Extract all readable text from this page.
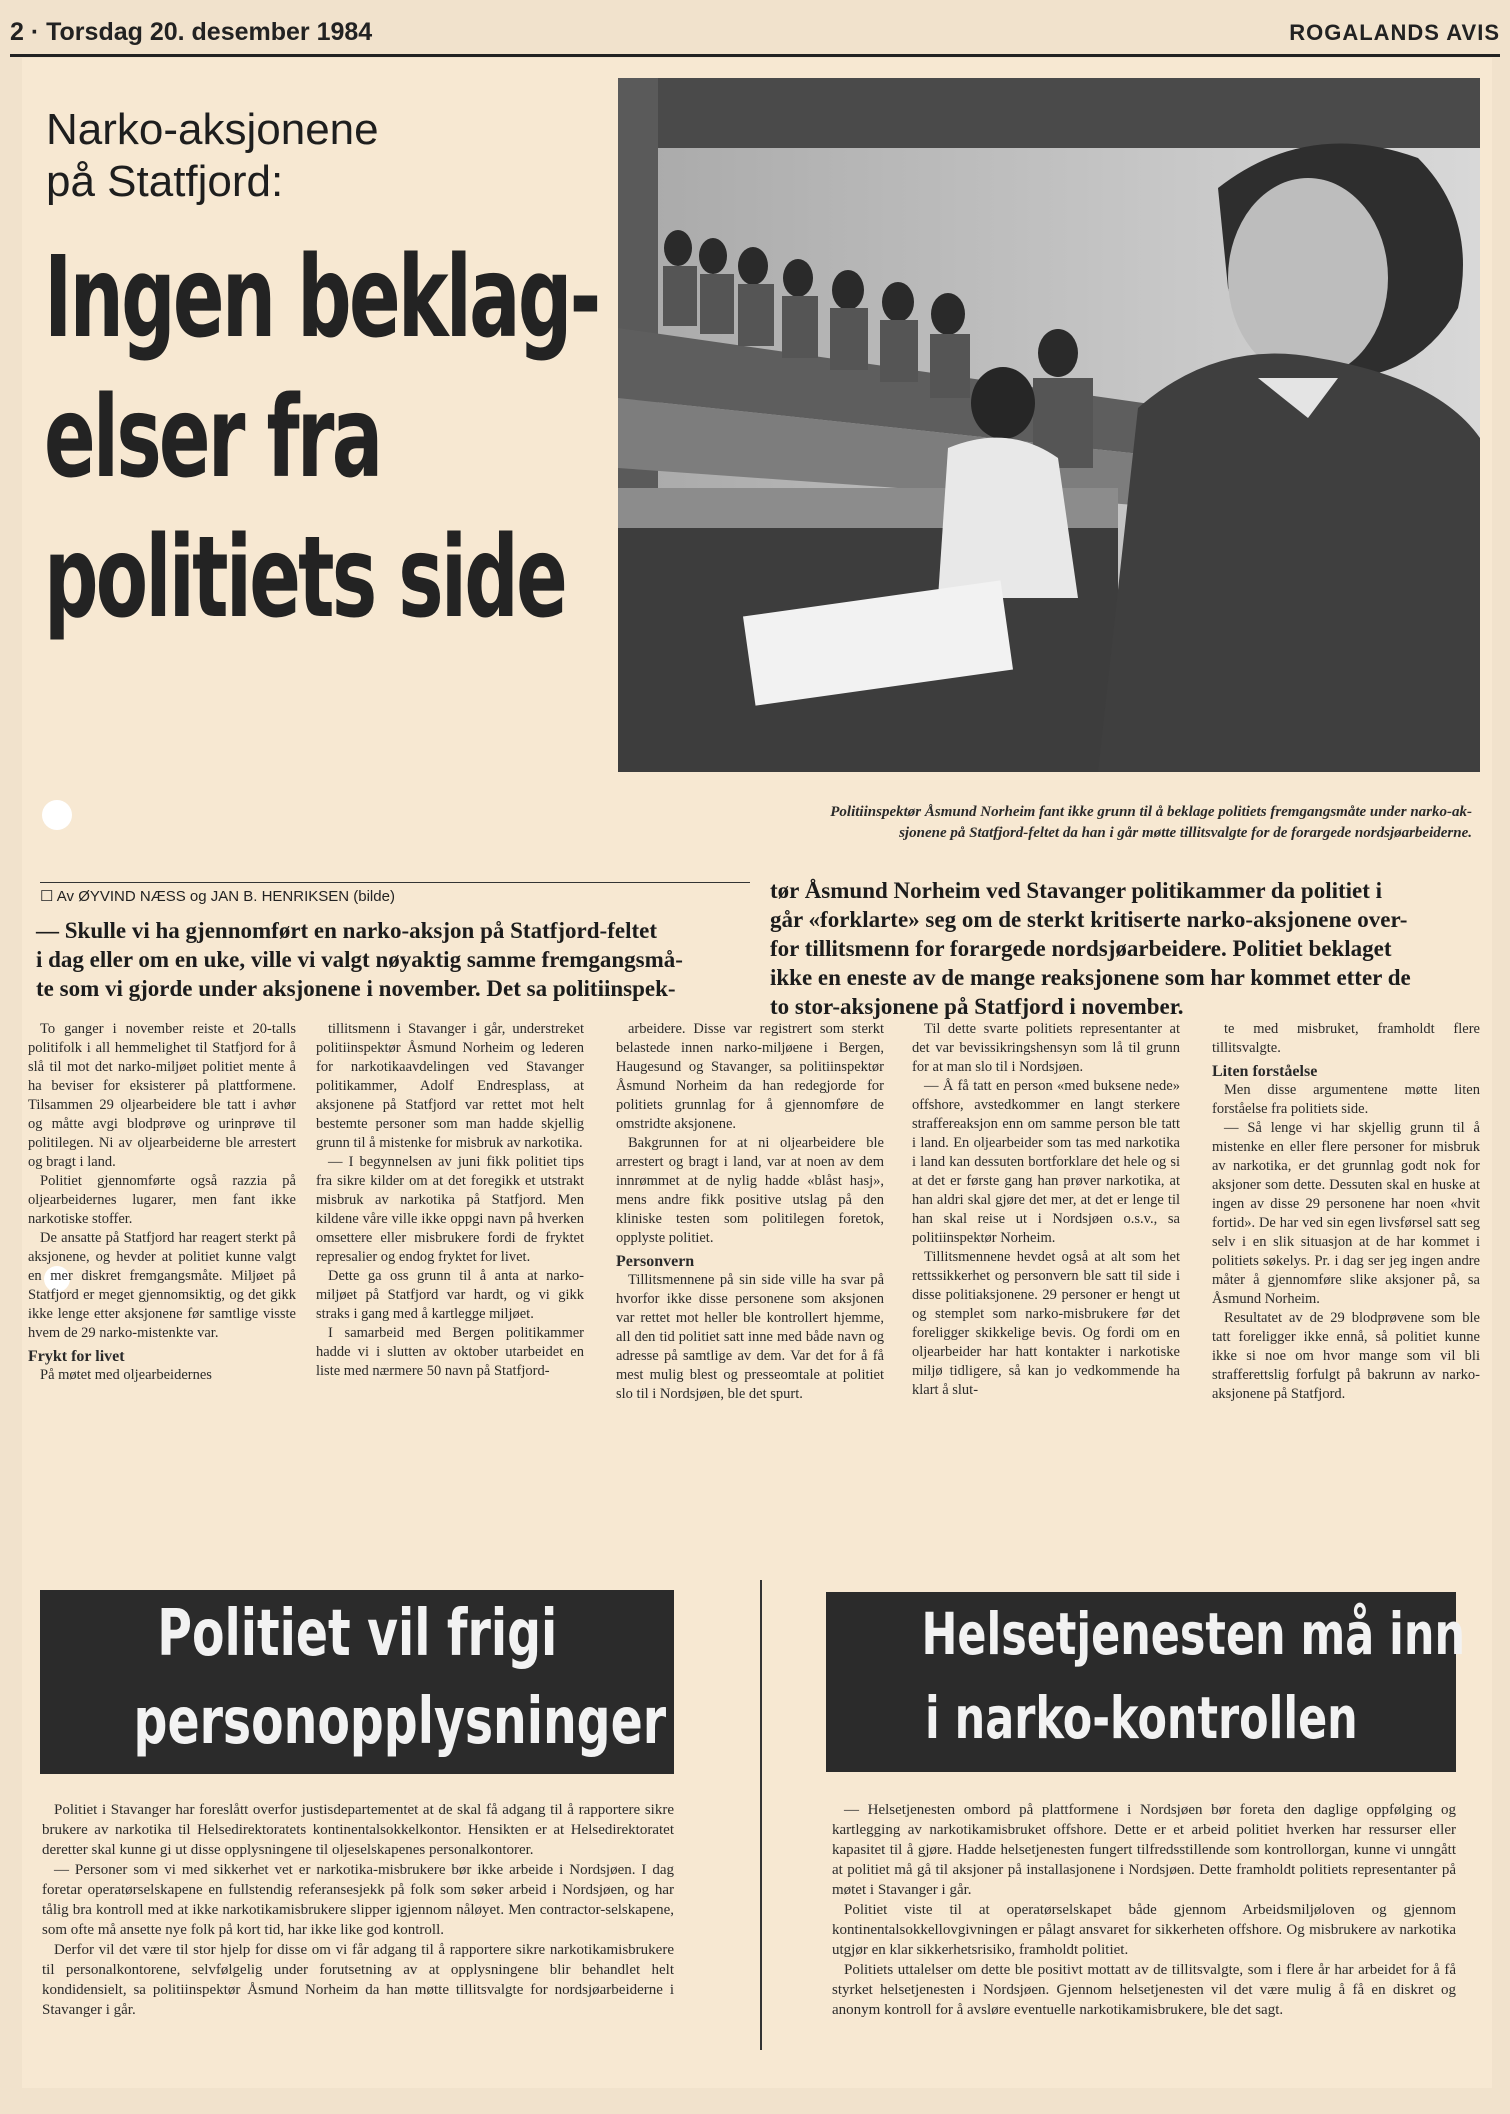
2 · Torsdag 20. desember 1984	ROGALANDS AVIS
Narko-aksjonene
på Statfjord:
Ingen beklag-
elser fra
politiets side
Politiinspektør Åsmund Norheim fant ikke grunn til å beklage politiets fremgangsmåte under narko-ak-
sjonene på Statfjord-feltet da han i går møtte tillitsvalgte for de forargede nordsjøarbeiderne.
☐ Av ØYVIND NÆSS og JAN B. HENRIKSEN (bilde)
— Skulle vi ha gjennomført en narko-aksjon på Statfjord-feltet
i dag eller om en uke, ville vi valgt nøyaktig samme fremgangsmå-
te som vi gjorde under aksjonene i november. Det sa politiinspek-
tør Åsmund Norheim ved Stavanger politikammer da politiet i
går «forklarte» seg om de sterkt kritiserte narko-aksjonene over-
for tillitsmenn for forargede nordsjøarbeidere. Politiet beklaget
ikke en eneste av de mange reaksjonene som har kommet etter de
to stor-aksjonene på Statfjord i november.

To ganger i november reiste et 20-talls politifolk i all hemmelighet til Statfjord for å slå til mot det narko-miljøet politiet mente å ha beviser for eksisterer på plattformene. Tilsammen 29 oljearbeidere ble tatt i avhør og måtte avgi blodprøve og urinprøve til politilegen. Ni av oljearbeiderne ble arrestert og bragt i land.

Politiet gjennomførte også razzia på oljearbeidernes lugarer, men fant ikke narkotiske stoffer.

De ansatte på Statfjord har reagert sterkt på aksjonene, og hevder at politiet kunne valgt en mer diskret fremgangsmåte. Miljøet på Statfjord er meget gjennomsiktig, og det gikk ikke lenge etter aksjonene før samtlige visste hvem de 29 narko-mistenkte var.

Frykt for livet

På møtet med oljearbeidernes

tillitsmenn i Stavanger i går, understreket politiinspektør Åsmund Norheim og lederen for narkotikaavdelingen ved Stavanger politikammer, Adolf Endresplass, at aksjonene på Statfjord var rettet mot helt bestemte personer som man hadde skjellig grunn til å mistenke for misbruk av narkotika.

— I begynnelsen av juni fikk politiet tips fra sikre kilder om at det foregikk et utstrakt misbruk av narkotika på Statfjord. Men kildene våre ville ikke oppgi navn på hverken omsettere eller misbrukere fordi de fryktet represalier og endog fryktet for livet.

Dette ga oss grunn til å anta at narko-miljøet på Statfjord var hardt, og vi gikk straks i gang med å kartlegge miljøet.

I samarbeid med Bergen politikammer hadde vi i slutten av oktober utarbeidet en liste med nærmere 50 navn på Statfjord-

arbeidere. Disse var registrert som sterkt belastede innen narko-miljøene i Bergen, Haugesund og Stavanger, sa politiinspektør Åsmund Norheim da han redegjorde for politiets grunnlag for å gjennomføre de omstridte aksjonene.

Bakgrunnen for at ni oljearbeidere ble arrestert og bragt i land, var at noen av dem innrømmet at de nylig hadde «blåst hasj», mens andre fikk positive utslag på den kliniske testen som politilegen foretok, opplyste politiet.

Personvern

Tillitsmennene på sin side ville ha svar på hvorfor ikke disse personene som aksjonen var rettet mot heller ble kontrollert hjemme, all den tid politiet satt inne med både navn og adresse på samtlige av dem. Var det for å få mest mulig blest og presseomtale at politiet slo til i Nordsjøen, ble det spurt.

Til dette svarte politiets representanter at det var bevissikringshensyn som lå til grunn for at man slo til i Nordsjøen.

— Å få tatt en person «med buksene nede» offshore, avstedkommer en langt sterkere straffereaksjon enn om samme person ble tatt i land. En oljearbeider som tas med narkotika i land kan dessuten bortforklare det hele og si at det er første gang han prøver narkotika, at han aldri skal gjøre det mer, at det er lenge til han skal reise ut i Nordsjøen o.s.v., sa politiinspektør Norheim.

Tillitsmennene hevdet også at alt som het rettssikkerhet og personvern ble satt til side i disse politiaksjonene. 29 personer er hengt ut og stemplet som narko-misbrukere før det foreligger skikkelige bevis. Og fordi om en oljearbeider har hatt kontakter i narkotiske miljø tidligere, så kan jo vedkommende ha klart å slut-

te med misbruket, framholdt flere tillitsvalgte.

Liten forståelse

Men disse argumentene møtte liten forståelse fra politiets side.

— Så lenge vi har skjellig grunn til å mistenke en eller flere personer for misbruk av narkotika, er det grunnlag godt nok for aksjoner som dette. Dessuten skal en huske at ingen av disse 29 personene har noen «hvit fortid». De har ved sin egen livsførsel satt seg selv i en slik situasjon at de har kommet i politiets søkelys. Pr. i dag ser jeg ingen andre måter å gjennomføre slike aksjoner på, sa Åsmund Norheim.

Resultatet av de 29 blodprøvene som ble tatt foreligger ikke ennå, så politiet kunne ikke si noe om hvor mange som vil bli strafferettslig forfulgt på bakrunn av narko-aksjonene på Statfjord.

Politiet vil frigi
personopplysninger

Politiet i Stavanger har foreslått overfor justisdepartementet at de skal få adgang til å rapportere sikre brukere av narkotika til Helsedirektoratets kontinentalsokkelkontor. Hensikten er at Helsedirektoratet deretter skal kunne gi ut disse opplysningene til oljeselskapenes personalkontorer.

— Personer som vi med sikkerhet vet er narkotika-misbrukere bør ikke arbeide i Nordsjøen. I dag foretar operatørselskapene en fullstendig referansesjekk på folk som søker arbeid i Nordsjøen, og har tålig bra kontroll med at ikke narkotikamisbrukere slipper igjennom nåløyet. Men contractor-selskapene, som ofte må ansette nye folk på kort tid, har ikke like god kontroll.

Derfor vil det være til stor hjelp for disse om vi får adgang til å rapportere sikre narkotikamisbrukere til personalkontorene, selvfølgelig under forutsetning av at opplysningene blir behandlet helt kondidensielt, sa politiinspektør Åsmund Norheim da han møtte tillitsvalgte for nordsjøarbeiderne i Stavanger i går.

Helsetjenesten må inn
i narko-kontrollen

— Helsetjenesten ombord på plattformene i Nordsjøen bør foreta den daglige oppfølging og kartlegging av narkotikamisbruket offshore. Dette er et arbeid politiet hverken har ressurser eller kapasitet til å gjøre. Hadde helsetjenesten fungert tilfredsstillende som kontrollorgan, kunne vi unngått at politiet må gå til aksjoner på installasjonene i Nordsjøen. Dette framholdt politiets representanter på møtet i Stavanger i går.

Politiet viste til at operatørselskapet både gjennom Arbeidsmiljøloven og gjennom kontinentalsokkellovgivningen er pålagt ansvaret for sikkerheten offshore. Og misbrukere av narkotika utgjør en klar sikkerhetsrisiko, framholdt politiet.

Politiets uttalelser om dette ble positivt mottatt av de tillitsvalgte, som i flere år har arbeidet for å få styrket helsetjenesten i Nordsjøen. Gjennom helsetjenesten vil det være mulig å få en diskret og anonym kontroll for å avsløre eventuelle narkotikamisbrukere, ble det sagt.
